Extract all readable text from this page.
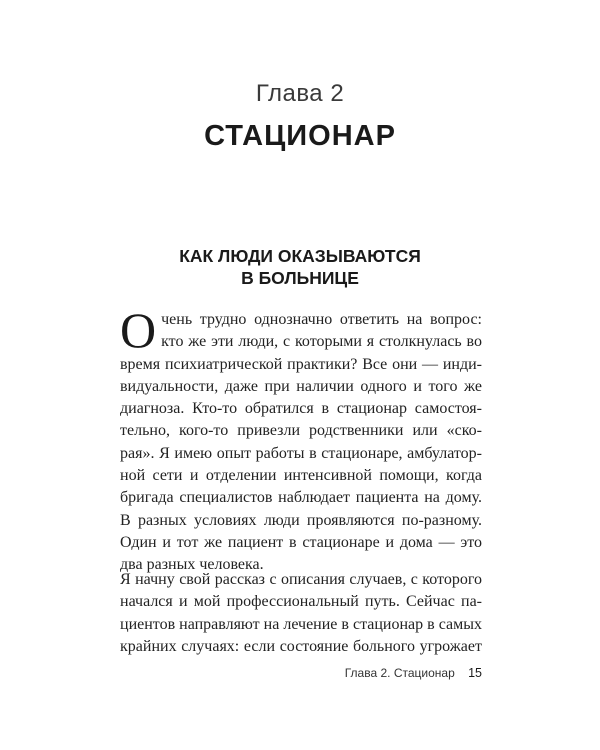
Глава 2
СТАЦИОНАР
КАК ЛЮДИ ОКАЗЫВАЮТСЯ
В БОЛЬНИЦЕ
О чень трудно однозначно ответить на вопрос:
кто же эти люди, с которыми я столкнулась во
время психиатрической практики? Все они — инди-
видуальности, даже при наличии одного и того же
диагноза. Кто-то обратился в стационар самостоя-
тельно, кого-то привезли родственники или «ско-
рая». Я имею опыт работы в стационаре, амбулатор-
ной сети и отделении интенсивной помощи, когда
бригада специалистов наблюдает пациента на дому.
В разных условиях люди проявляются по-разному.
Один и тот же пациент в стационаре и дома — это
два разных человека.
Я начну свой рассказ с описания случаев, с которого
начался и мой профессиональный путь. Сейчас па-
циентов направляют на лечение в стационар в самых
крайних случаях: если состояние больного угрожает
Глава 2. Стационар 15
